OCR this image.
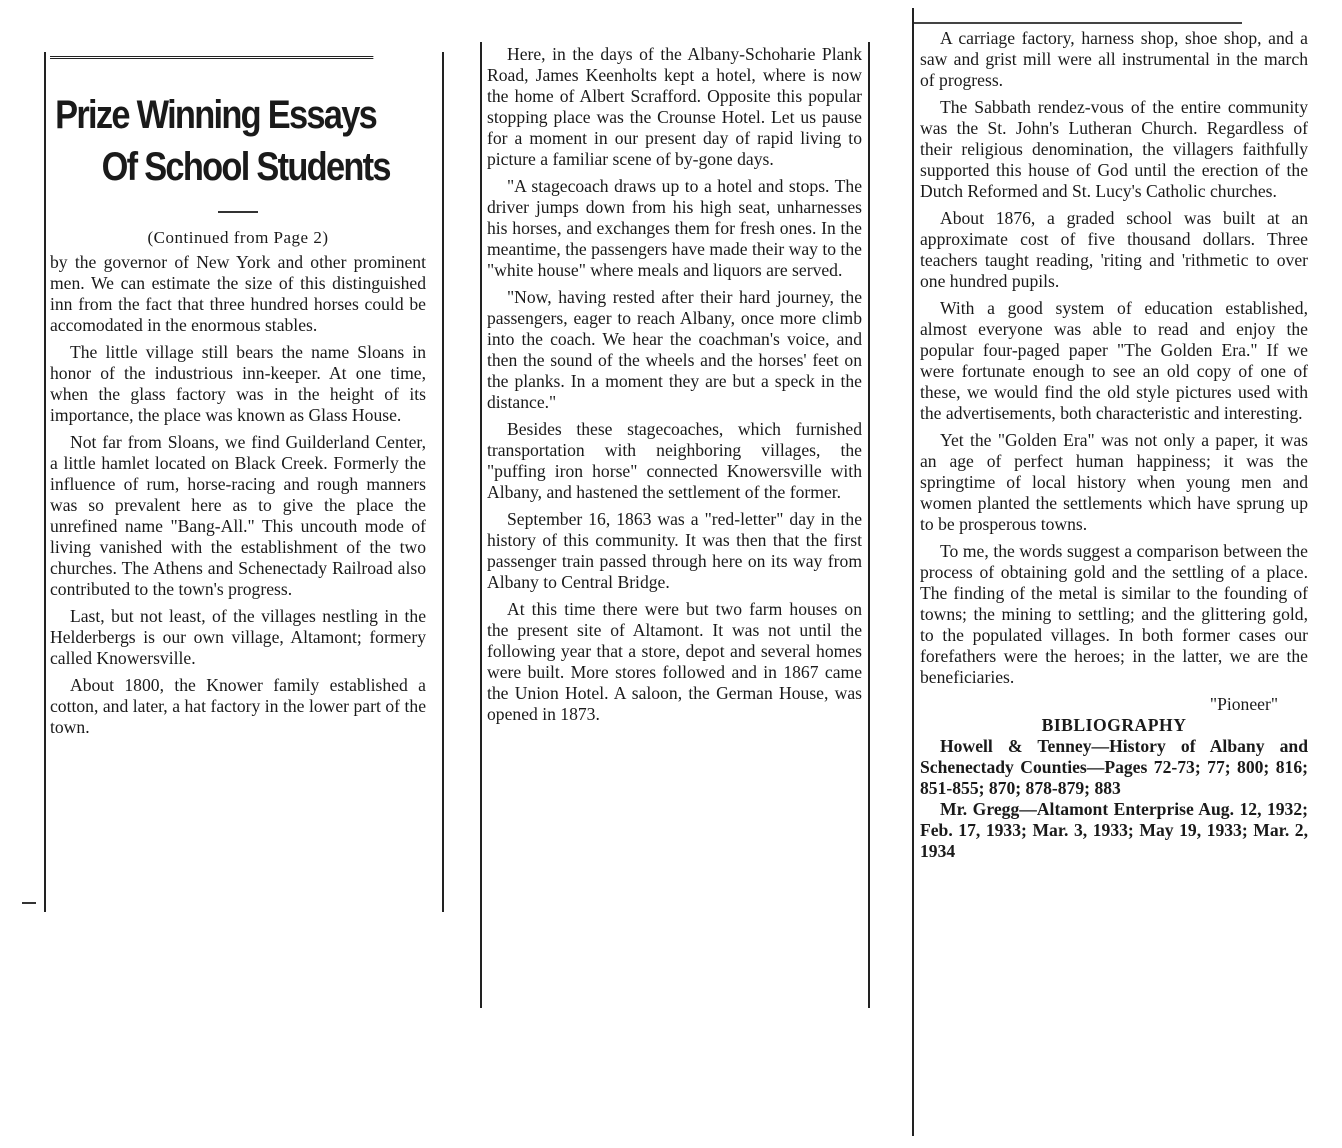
Prize Winning Essays
Of School Students
(Continued from Page 2)

by the governor of New York and other prominent men. We can estimate the size of this distinguished inn from the fact that three hundred horses could be accomodated in the enormous stables.

The little village still bears the name Sloans in honor of the industrious inn-keeper. At one time, when the glass factory was in the height of its importance, the place was known as Glass House.

Not far from Sloans, we find Guilderland Center, a little hamlet located on Black Creek. Formerly the influence of rum, horse-racing and rough manners was so prevalent here as to give the place the unrefined name "Bang-All." This uncouth mode of living vanished with the establishment of the two churches. The Athens and Schenectady Railroad also contributed to the town's progress.

Last, but not least, of the villages nestling in the Helderbergs is our own village, Altamont; formery called Knowersville.

About 1800, the Knower family established a cotton, and later, a hat factory in the lower part of the town.

Here, in the days of the Albany-Schoharie Plank Road, James Keenholts kept a hotel, where is now the home of Albert Scrafford. Opposite this popular stopping place was the Crounse Hotel. Let us pause for a moment in our present day of rapid living to picture a familiar scene of by-gone days.

"A stagecoach draws up to a hotel and stops. The driver jumps down from his high seat, unharnesses his horses, and exchanges them for fresh ones. In the meantime, the passengers have made their way to the "white house" where meals and liquors are served.

"Now, having rested after their hard journey, the passengers, eager to reach Albany, once more climb into the coach. We hear the coachman's voice, and then the sound of the wheels and the horses' feet on the planks. In a moment they are but a speck in the distance."

Besides these stagecoaches, which furnished transportation with neighboring villages, the "puffing iron horse" connected Knowersville with Albany, and hastened the settlement of the former.

September 16, 1863 was a "red-letter" day in the history of this community. It was then that the first passenger train passed through here on its way from Albany to Central Bridge.

At this time there were but two farm houses on the present site of Altamont. It was not until the following year that a store, depot and several homes were built. More stores followed and in 1867 came the Union Hotel. A saloon, the German House, was opened in 1873.

A carriage factory, harness shop, shoe shop, and a saw and grist mill were all instrumental in the march of progress.

The Sabbath rendez-vous of the entire community was the St. John's Lutheran Church. Regardless of their religious denomination, the villagers faithfully supported this house of God until the erection of the Dutch Reformed and St. Lucy's Catholic churches.

About 1876, a graded school was built at an approximate cost of five thousand dollars. Three teachers taught reading, 'riting and 'rithmetic to over one hundred pupils.

With a good system of education established, almost everyone was able to read and enjoy the popular four-paged paper "The Golden Era." If we were fortunate enough to see an old copy of one of these, we would find the old style pictures used with the advertisements, both characteristic and interesting.

Yet the "Golden Era" was not only a paper, it was an age of perfect human happiness; it was the springtime of local history when young men and women planted the settlements which have sprung up to be prosperous towns.

To me, the words suggest a comparison between the process of obtaining gold and the settling of a place. The finding of the metal is similar to the founding of towns; the mining to settling; and the glittering gold, to the populated villages. In both former cases our forefathers were the heroes; in the latter, we are the beneficiaries.

"Pioneer"

BIBLIOGRAPHY

Howell & Tenney—History of Albany and Schenectady Counties—Pages 72-73; 77; 800; 816; 851-855; 870; 878-879; 883

Mr. Gregg—Altamont Enterprise Aug. 12, 1932; Feb. 17, 1933; Mar. 3, 1933; May 19, 1933; Mar. 2, 1934
